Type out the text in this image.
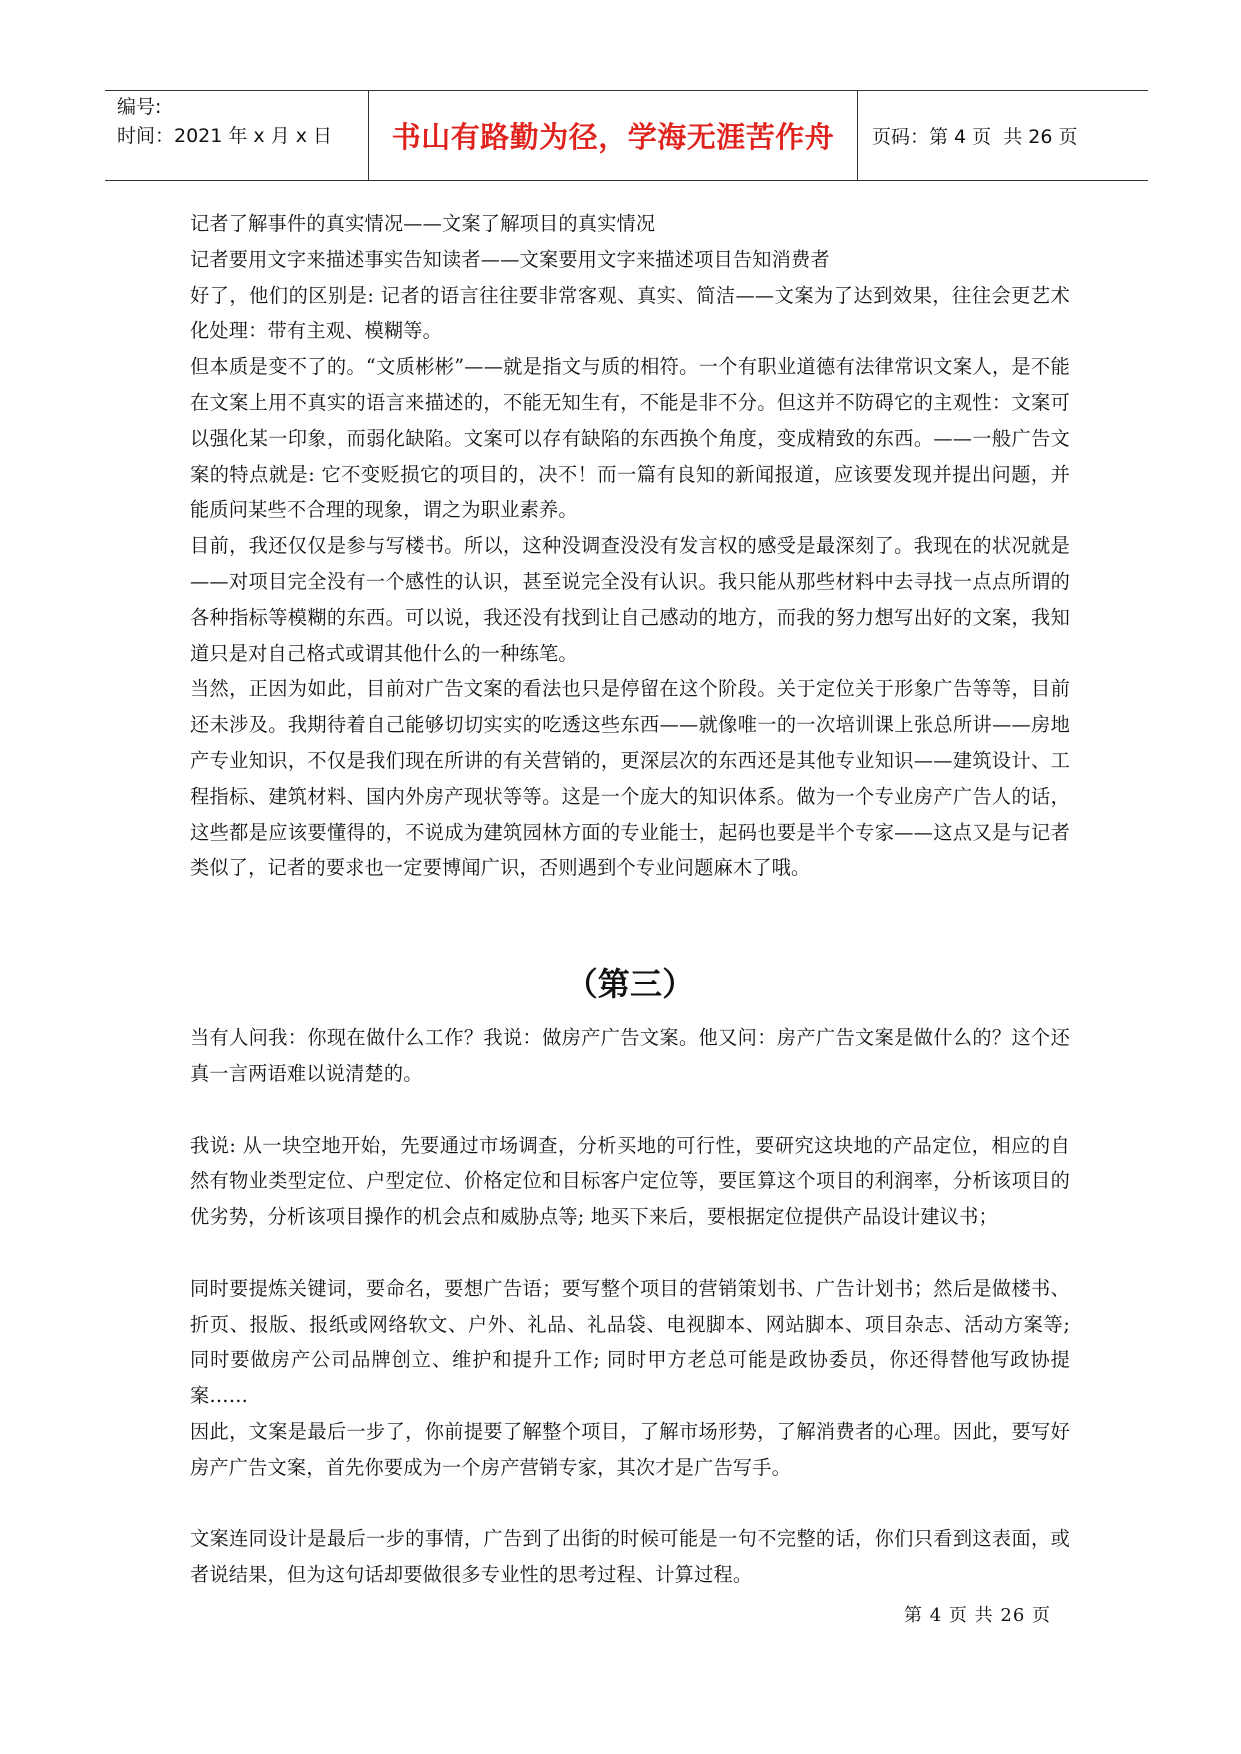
编号:
时间：2021 年 x 月 x 日	书山有路勤为径，学海无涯苦作舟	页码：第 4 页  共 26 页

记者了解事件的真实情况——文案了解项目的真实情况

记者要用文字来描述事实告知读者——文案要用文字来描述项目告知消费者

好了，他们的区别是: 记者的语言往往要非常客观、真实、简洁——文案为了达到效果，往往会更艺术化处理：带有主观、模糊等。

但本质是变不了的。“文质彬彬”——就是指文与质的相符。一个有职业道德有法律常识文案人，是不能在文案上用不真实的语言来描述的，不能无知生有，不能是非不分。但这并不防碍它的主观性：文案可以强化某一印象，而弱化缺陷。文案可以存有缺陷的东西换个角度，变成精致的东西。——一般广告文案的特点就是: 它不变贬损它的项目的，决不！而一篇有良知的新闻报道，应该要发现并提出问题，并能质问某些不合理的现象，谓之为职业素养。

目前，我还仅仅是参与写楼书。所以，这种没调查没没有发言权的感受是最深刻了。我现在的状况就是——对项目完全没有一个感性的认识，甚至说完全没有认识。我只能从那些材料中去寻找一点点所谓的各种指标等模糊的东西。可以说，我还没有找到让自己感动的地方，而我的努力想写出好的文案，我知道只是对自己格式或谓其他什么的一种练笔。

当然，正因为如此，目前对广告文案的看法也只是停留在这个阶段。关于定位关于形象广告等等，目前还未涉及。我期待着自己能够切切实实的吃透这些东西——就像唯一的一次培训课上张总所讲——房地产专业知识，不仅是我们现在所讲的有关营销的，更深层次的东西还是其他专业知识——建筑设计、工程指标、建筑材料、国内外房产现状等等。这是一个庞大的知识体系。做为一个专业房产广告人的话，这些都是应该要懂得的，不说成为建筑园林方面的专业能士，起码也要是半个专家——这点又是与记者类似了，记者的要求也一定要博闻广识，否则遇到个专业问题麻木了哦。

（第三）

当有人问我：你现在做什么工作？我说：做房产广告文案。他又问：房产广告文案是做什么的？这个还真一言两语难以说清楚的。

我说: 从一块空地开始，先要通过市场调查，分析买地的可行性，要研究这块地的产品定位，相应的自然有物业类型定位、户型定位、价格定位和目标客户定位等，要匡算这个项目的利润率，分析该项目的优劣势，分析该项目操作的机会点和威胁点等; 地买下来后，要根据定位提供产品设计建议书；

同时要提炼关键词，要命名，要想广告语；要写整个项目的营销策划书、广告计划书；然后是做楼书、折页、报版、报纸或网络软文、户外、礼品、礼品袋、电视脚本、网站脚本、项目杂志、活动方案等; 同时要做房产公司品牌创立、维护和提升工作; 同时甲方老总可能是政协委员，你还得替他写政协提案……

因此，文案是最后一步了，你前提要了解整个项目，了解市场形势，了解消费者的心理。因此，要写好房产广告文案，首先你要成为一个房产营销专家，其次才是广告写手。

文案连同设计是最后一步的事情，广告到了出街的时候可能是一句不完整的话，你们只看到这表面，或者说结果，但为这句话却要做很多专业性的思考过程、计算过程。

第 4 页 共 26 页
